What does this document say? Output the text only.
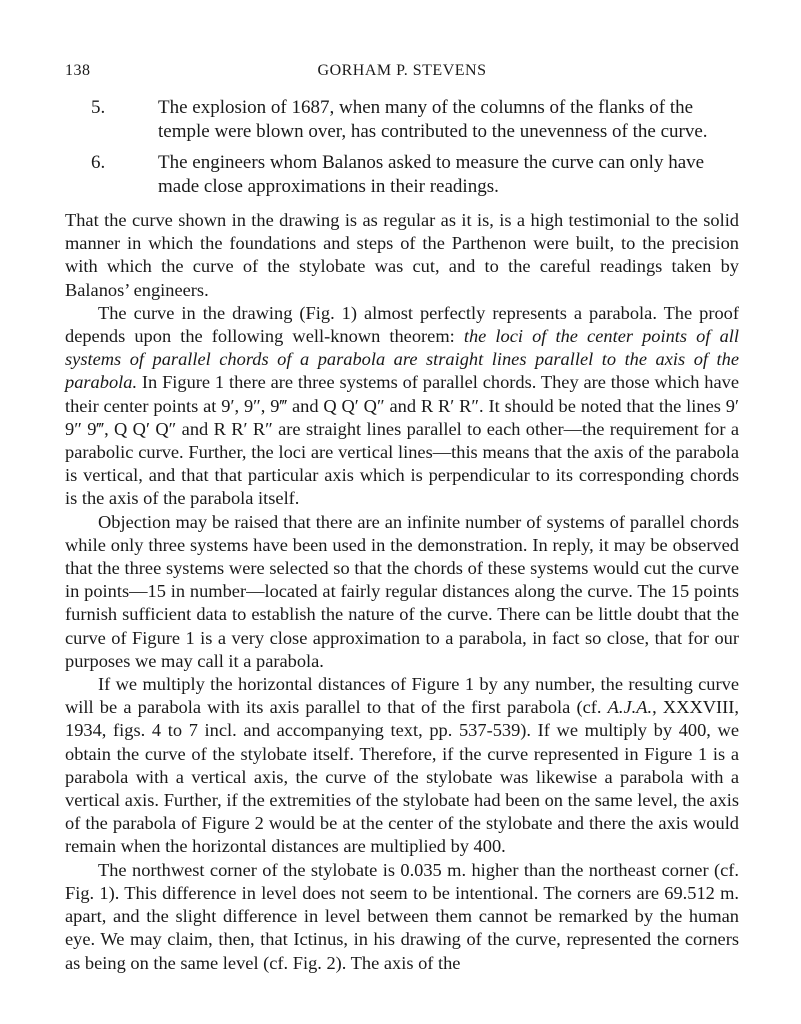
138	GORHAM P. STEVENS
5.	The explosion of 1687, when many of the columns of the flanks of the temple were blown over, has contributed to the unevenness of the curve.
6.	The engineers whom Balanos asked to measure the curve can only have made close approximations in their readings.

That the curve shown in the drawing is as regular as it is, is a high testimonial to the solid manner in which the foundations and steps of the Parthenon were built, to the precision with which the curve of the stylobate was cut, and to the careful readings taken by Balanos’ engineers.

The curve in the drawing (Fig. 1) almost perfectly represents a parabola. The proof depends upon the following well-known theorem: the loci of the center points of all systems of parallel chords of a parabola are straight lines parallel to the axis of the parabola. In Figure 1 there are three systems of parallel chords. They are those which have their center points at 9′, 9″, 9‴ and Q Q′ Q″ and R R′ R″. It should be noted that the lines 9′ 9″ 9‴, Q Q′ Q″ and R R′ R″ are straight lines parallel to each other—the requirement for a parabolic curve. Further, the loci are vertical lines—this means that the axis of the parabola is vertical, and that that particular axis which is perpendicular to its corresponding chords is the axis of the parabola itself.

Objection may be raised that there are an infinite number of systems of parallel chords while only three systems have been used in the demonstration. In reply, it may be observed that the three systems were selected so that the chords of these systems would cut the curve in points—15 in number—located at fairly regular distances along the curve. The 15 points furnish sufficient data to establish the nature of the curve. There can be little doubt that the curve of Figure 1 is a very close approximation to a parabola, in fact so close, that for our purposes we may call it a parabola.

If we multiply the horizontal distances of Figure 1 by any number, the resulting curve will be a parabola with its axis parallel to that of the first parabola (cf. A.J.A., XXXVIII, 1934, figs. 4 to 7 incl. and accompanying text, pp. 537-539). If we multiply by 400, we obtain the curve of the stylobate itself. Therefore, if the curve represented in Figure 1 is a parabola with a vertical axis, the curve of the stylobate was likewise a parabola with a vertical axis. Further, if the extremities of the stylobate had been on the same level, the axis of the parabola of Figure 2 would be at the center of the stylobate and there the axis would remain when the horizontal distances are multiplied by 400.

The northwest corner of the stylobate is 0.035 m. higher than the northeast corner (cf. Fig. 1). This difference in level does not seem to be intentional. The corners are 69.512 m. apart, and the slight difference in level between them cannot be remarked by the human eye. We may claim, then, that Ictinus, in his drawing of the curve, represented the corners as being on the same level (cf. Fig. 2). The axis of the
